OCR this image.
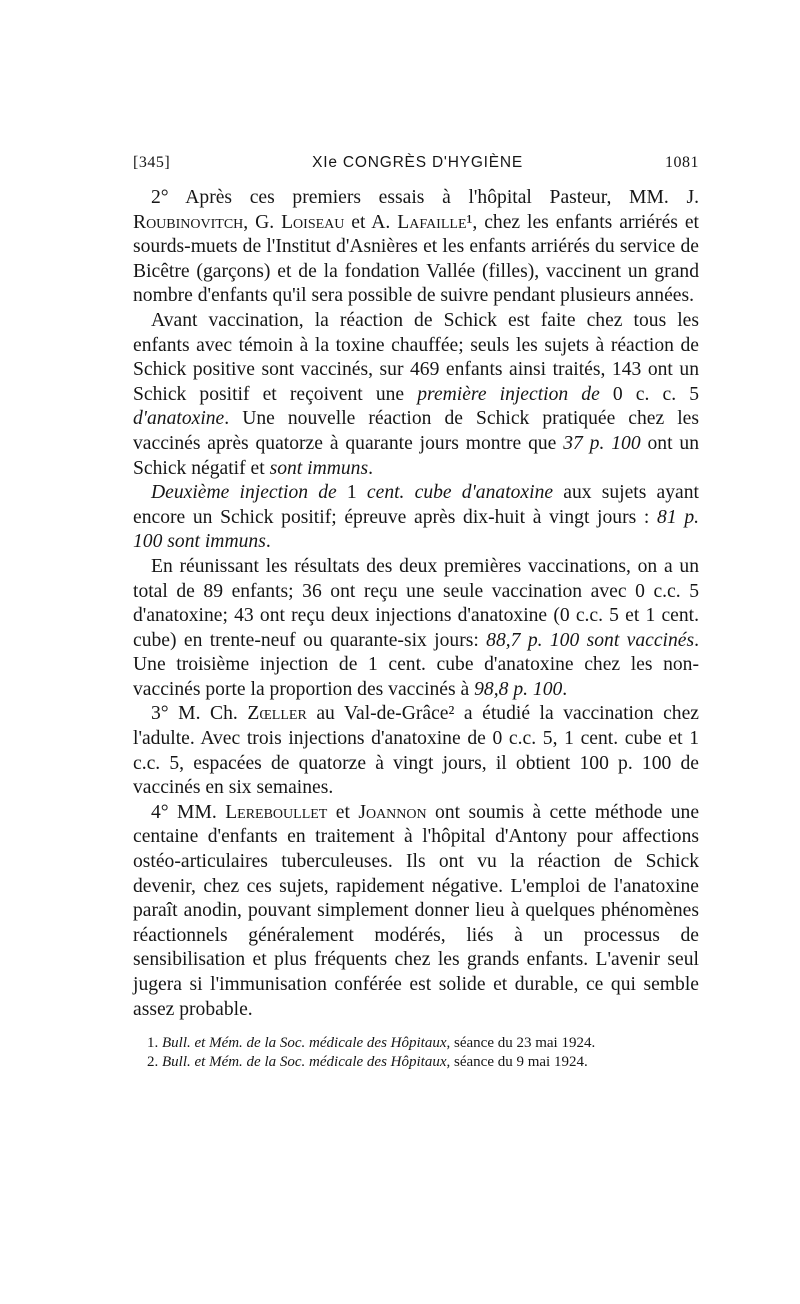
[345]	XIe CONGRÈS D'HYGIÈNE	1081

2° Après ces premiers essais à l'hôpital Pasteur, MM. J. Roubinovitch, G. Loiseau et A. Lafaille¹, chez les enfants arriérés et sourds-muets de l'Institut d'Asnières et les enfants arriérés du service de Bicêtre (garçons) et de la fondation Vallée (filles), vaccinent un grand nombre d'enfants qu'il sera possible de suivre pendant plusieurs années.

Avant vaccination, la réaction de Schick est faite chez tous les enfants avec témoin à la toxine chauffée; seuls les sujets à réaction de Schick positive sont vaccinés, sur 469 enfants ainsi traités, 143 ont un Schick positif et reçoivent une première injection de 0 c. c. 5 d'anatoxine. Une nouvelle réaction de Schick pratiquée chez les vaccinés après quatorze à quarante jours montre que 37 p. 100 ont un Schick négatif et sont immuns.

Deuxième injection de 1 cent. cube d'anatoxine aux sujets ayant encore un Schick positif; épreuve après dix-huit à vingt jours : 81 p. 100 sont immuns.

En réunissant les résultats des deux premières vaccinations, on a un total de 89 enfants; 36 ont reçu une seule vaccination avec 0 c.c. 5 d'anatoxine; 43 ont reçu deux injections d'anatoxine (0 c.c. 5 et 1 cent. cube) en trente-neuf ou quarante-six jours: 88,7 p. 100 sont vaccinés. Une troisième injection de 1 cent. cube d'anatoxine chez les non-vaccinés porte la proportion des vaccinés à 98,8 p. 100.

3° M. Ch. Zœller au Val-de-Grâce² a étudié la vaccination chez l'adulte. Avec trois injections d'anatoxine de 0 c.c. 5, 1 cent. cube et 1 c.c. 5, espacées de quatorze à vingt jours, il obtient 100 p. 100 de vaccinés en six semaines.

4° MM. Lereboullet et Joannon ont soumis à cette méthode une centaine d'enfants en traitement à l'hôpital d'Antony pour affections ostéo-articulaires tuberculeuses. Ils ont vu la réaction de Schick devenir, chez ces sujets, rapidement négative. L'emploi de l'anatoxine paraît anodin, pouvant simplement donner lieu à quelques phénomènes réactionnels généralement modérés, liés à un processus de sensibilisation et plus fréquents chez les grands enfants. L'avenir seul jugera si l'immunisation conférée est solide et durable, ce qui semble assez probable.

1. Bull. et Mém. de la Soc. médicale des Hôpitaux, séance du 23 mai 1924.

2. Bull. et Mém. de la Soc. médicale des Hôpitaux, séance du 9 mai 1924.
